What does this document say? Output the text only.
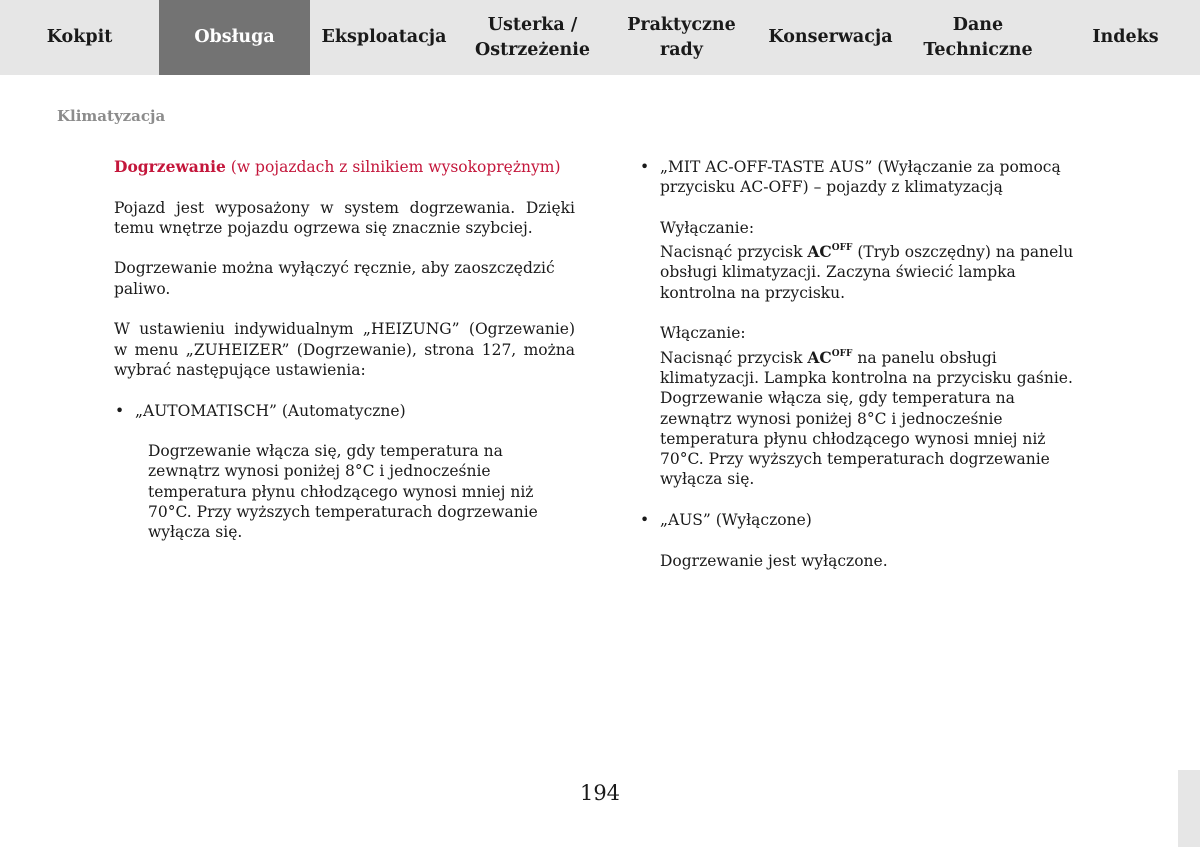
Kokpit	Obsługa	Eksploatacja
Usterka /
Ostrzeżenie
Praktyczne
rady
Konserwacja
Dane
Techniczne
Indeks
Klimatyzacja

Dogrzewanie (w pojazdach z silnikiem wysokoprężnym)

Pojazd jest wyposażony w system dogrzewania. Dzięki temu wnętrze pojazdu ogrzewa się znacznie szybciej.

Dogrzewanie można wyłączyć ręcznie, aby zaoszczędzić paliwo.

W ustawieniu indywidualnym „HEIZUNG” (Ogrzewanie) w menu „ZUHEIZER” (Dogrzewanie), strona 127, można wybrać następujące ustawienia:

• „AUTOMATISCH” (Automatyczne)

Dogrzewanie włącza się, gdy temperatura na zewnątrz wynosi poniżej 8°C i jednocześnie temperatura płynu chłodzącego wynosi mniej niż 70°C. Przy wyższych temperaturach dogrzewanie wyłącza się.

• „MIT AC-OFF-TASTE AUS” (Wyłączanie za pomocą przycisku AC-OFF) – pojazdy z klimatyzacją
Wyłączanie:

Nacisnąć przycisk $AC^{OFF}$ (Tryb oszczędny) na panelu obsługi klimatyzacji. Zaczyna świecić lampka kontrolna na przycisku.

Włączanie:

Nacisnąć przycisk $AC^{OFF}$ na panelu obsługi klimatyzacji. Lampka kontrolna na przycisku gaśnie. Dogrzewanie włącza się, gdy temperatura na zewnątrz wynosi poniżej 8°C i jednocześnie temperatura płynu chłodzącego wynosi mniej niż 70°C. Przy wyższych temperaturach dogrzewanie wyłącza się.

• „AUS” (Wyłączone)

Dogrzewanie jest wyłączone.

194
